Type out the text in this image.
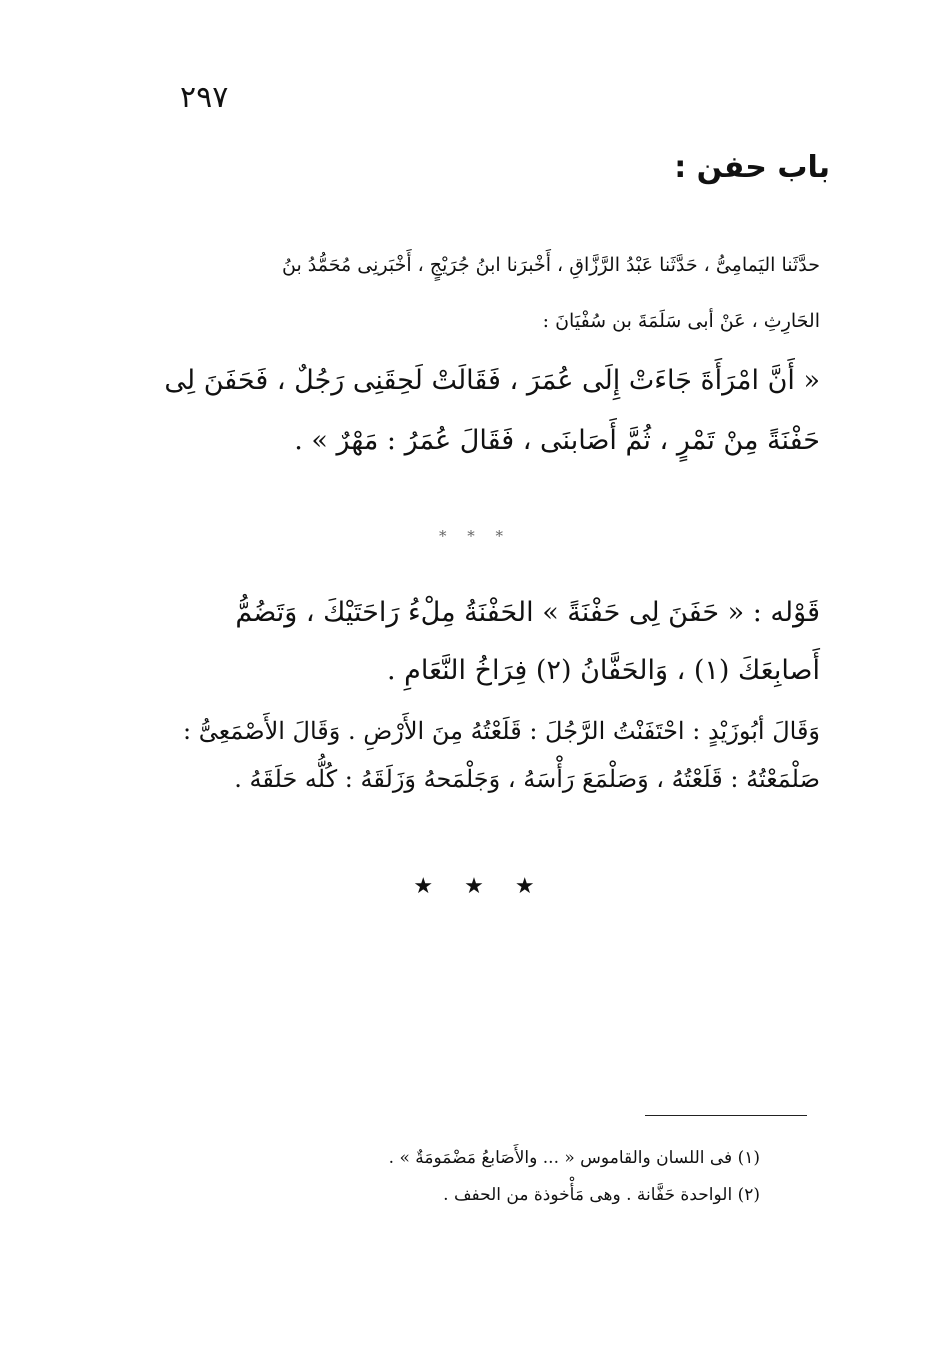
٢٩٧
باب حفن :
حدَّثَنا اليَمامِىُّ ، حَدَّثَنا عَبْدُ الرَّزَّاقِ ، أَخْبرَنا ابنُ جُرَيْجٍ ، أَخْبَرنِى مُحَمُّدُ بنُ
الحَارِثِ ، عَنْ أبى سَلَمَةَ بن سُفْيَانَ :
« أَنَّ امْرَأَةَ جَاءَتْ إِلَى عُمَرَ ، فَقَالَتْ لَحِقَنِى رَجُلٌ ، فَحَفَنَ لِى
حَفْنَةً مِنْ تَمْرٍ ، ثُمَّ أَصَابنَى ، فَقَالَ عُمَرُ : مَهْرٌ » .
* * *
قَوْله : « حَفَنَ لِى حَفْنَةً » الحَفْنَةُ مِلْءُ رَاحَتَيْكَ ، وَتَضُمُّ
أَصابِعَكَ (١) ، وَالحَفَّانُ (٢) فِرَاخُ النَّعَامِ .
وَقَالَ أبُوزَيْدٍ : احْتَفَنْتُ الرَّجُلَ : قَلَعْتُهُ مِنَ الأَرْضِ . وَقَالَ الأَصْمَعِىُّ :
صَلْمَعْتُهُ : قَلَعْتُهُ ، وَصَلْمَعَ رَأْسَهُ ، وَجَلْمَحهُ وَزَلَقَهُ : كُلُّه حَلَقَهُ .
★ ★ ★
(١) فى اللسان والقاموس « ... والأَصَابعُ مَضْمَومَةٌ » .
(٢) الواحدة حَفَّانة . وهى مَأْخوذة من الحفف .
